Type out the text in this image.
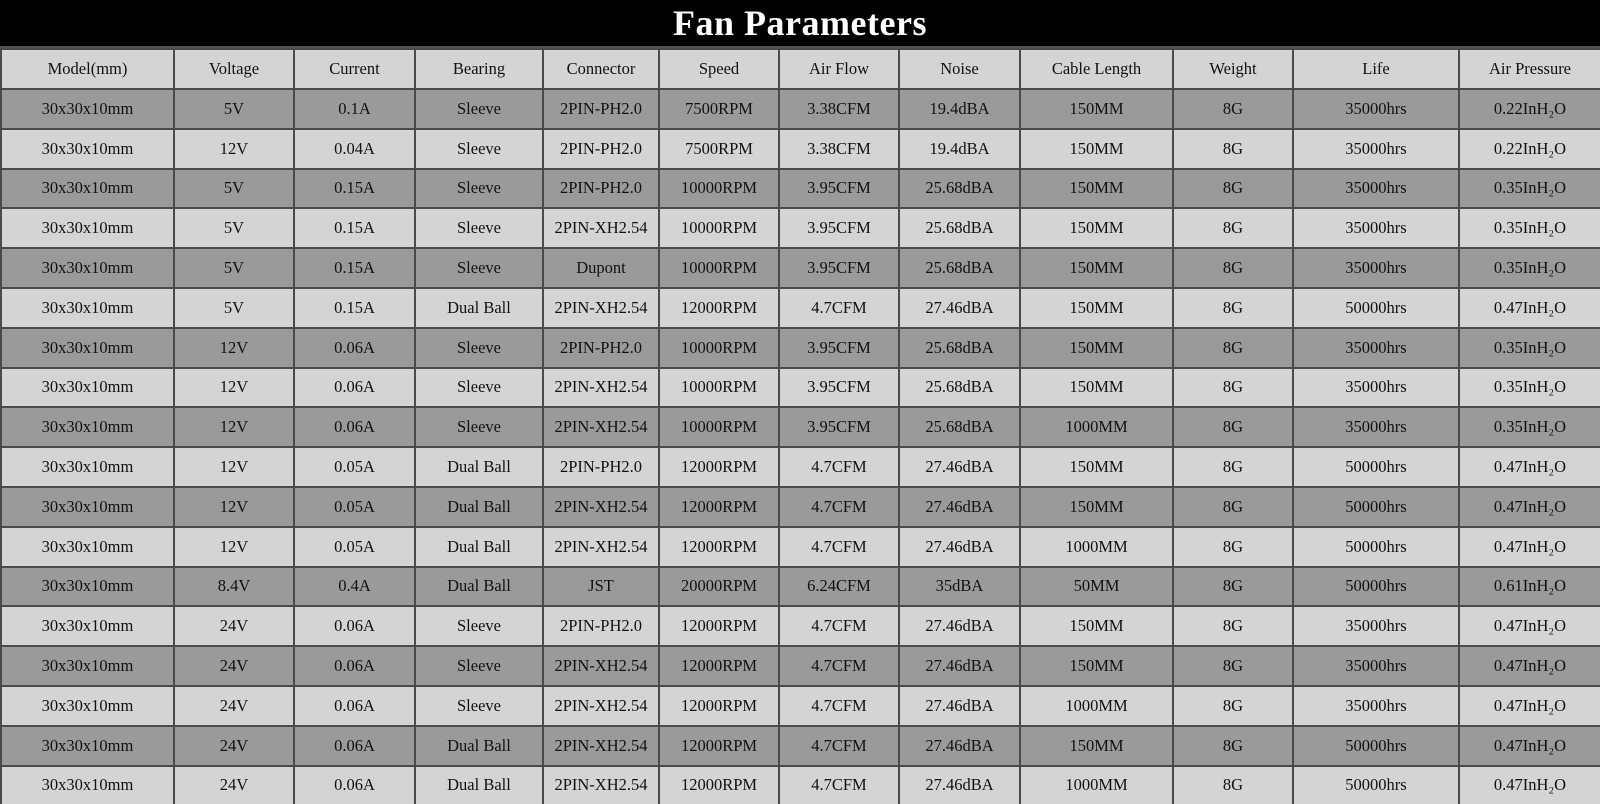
Fan Parameters
Model(mm)	Voltage	Current	Bearing	Connector	Speed	Air Flow	Noise	Cable Length	Weight	Life	Air Pressure
30x30x10mm	5V	0.1A	Sleeve	2PIN-PH2.0	7500RPM	3.38CFM	19.4dBA	150MM	8G	35000hrs	0.22InH₂O
30x30x10mm	12V	0.04A	Sleeve	2PIN-PH2.0	7500RPM	3.38CFM	19.4dBA	150MM	8G	35000hrs	0.22InH₂O
30x30x10mm	5V	0.15A	Sleeve	2PIN-PH2.0	10000RPM	3.95CFM	25.68dBA	150MM	8G	35000hrs	0.35InH₂O
30x30x10mm	5V	0.15A	Sleeve	2PIN-XH2.54	10000RPM	3.95CFM	25.68dBA	150MM	8G	35000hrs	0.35InH₂O
30x30x10mm	5V	0.15A	Sleeve	Dupont	10000RPM	3.95CFM	25.68dBA	150MM	8G	35000hrs	0.35InH₂O
30x30x10mm	5V	0.15A	Dual Ball	2PIN-XH2.54	12000RPM	4.7CFM	27.46dBA	150MM	8G	50000hrs	0.47InH₂O
30x30x10mm	12V	0.06A	Sleeve	2PIN-PH2.0	10000RPM	3.95CFM	25.68dBA	150MM	8G	35000hrs	0.35InH₂O
30x30x10mm	12V	0.06A	Sleeve	2PIN-XH2.54	10000RPM	3.95CFM	25.68dBA	150MM	8G	35000hrs	0.35InH₂O
30x30x10mm	12V	0.06A	Sleeve	2PIN-XH2.54	10000RPM	3.95CFM	25.68dBA	1000MM	8G	35000hrs	0.35InH₂O
30x30x10mm	12V	0.05A	Dual Ball	2PIN-PH2.0	12000RPM	4.7CFM	27.46dBA	150MM	8G	50000hrs	0.47InH₂O
30x30x10mm	12V	0.05A	Dual Ball	2PIN-XH2.54	12000RPM	4.7CFM	27.46dBA	150MM	8G	50000hrs	0.47InH₂O
30x30x10mm	12V	0.05A	Dual Ball	2PIN-XH2.54	12000RPM	4.7CFM	27.46dBA	1000MM	8G	50000hrs	0.47InH₂O
30x30x10mm	8.4V	0.4A	Dual Ball	JST	20000RPM	6.24CFM	35dBA	50MM	8G	50000hrs	0.61InH₂O
30x30x10mm	24V	0.06A	Sleeve	2PIN-PH2.0	12000RPM	4.7CFM	27.46dBA	150MM	8G	35000hrs	0.47InH₂O
30x30x10mm	24V	0.06A	Sleeve	2PIN-XH2.54	12000RPM	4.7CFM	27.46dBA	150MM	8G	35000hrs	0.47InH₂O
30x30x10mm	24V	0.06A	Sleeve	2PIN-XH2.54	12000RPM	4.7CFM	27.46dBA	1000MM	8G	35000hrs	0.47InH₂O
30x30x10mm	24V	0.06A	Dual Ball	2PIN-XH2.54	12000RPM	4.7CFM	27.46dBA	150MM	8G	50000hrs	0.47InH₂O
30x30x10mm	24V	0.06A	Dual Ball	2PIN-XH2.54	12000RPM	4.7CFM	27.46dBA	1000MM	8G	50000hrs	0.47InH₂O
